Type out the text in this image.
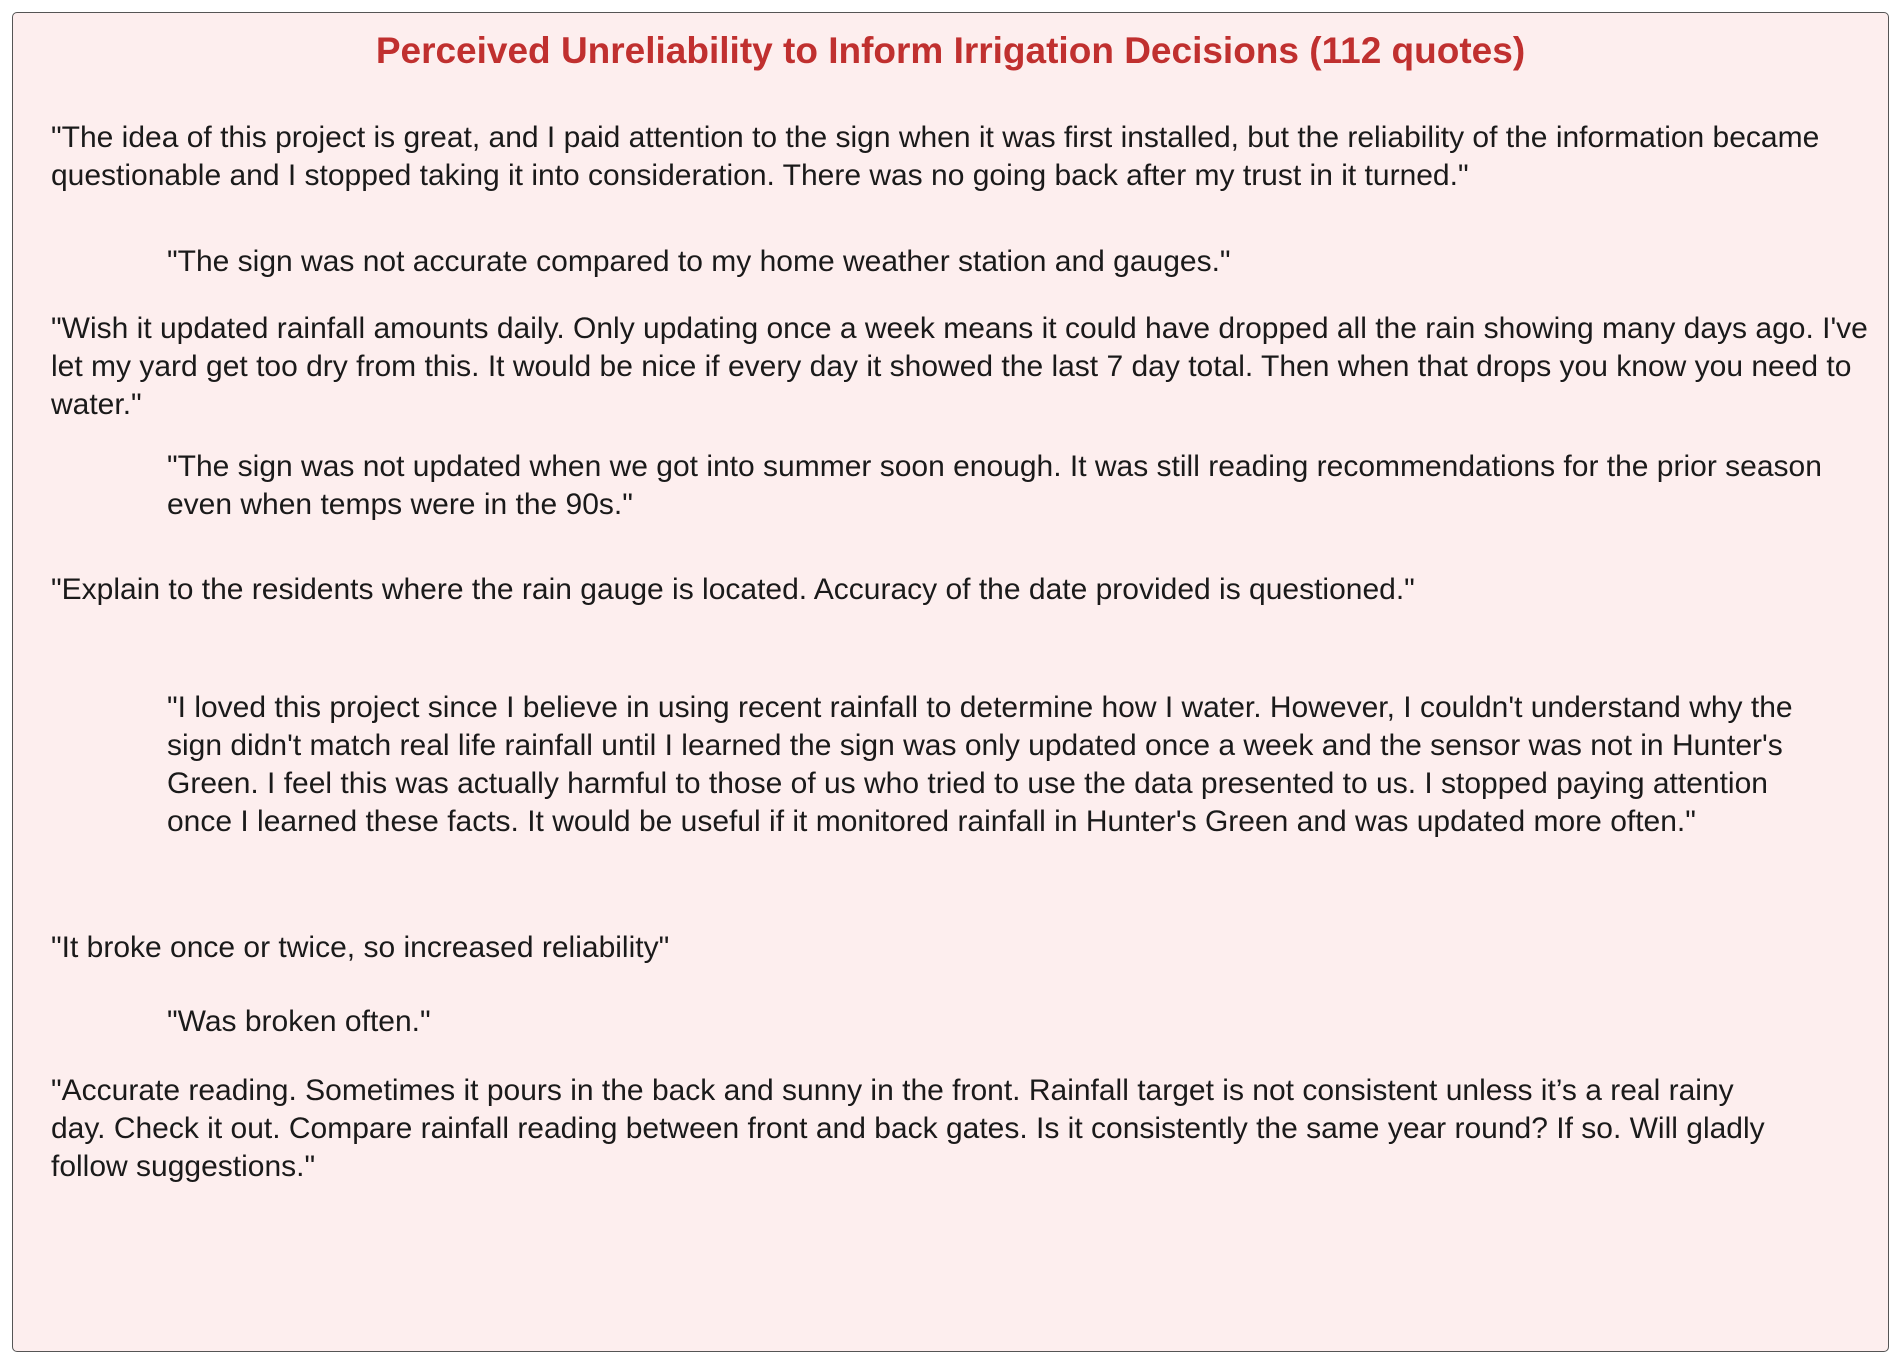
Perceived Unreliability to Inform Irrigation Decisions (112 quotes)

"The idea of this project is great, and I paid attention to the sign when it was first installed, but the reliability of the information became questionable and I stopped taking it into consideration. There was no going back after my trust in it turned."

"The sign was not accurate compared to my home weather station and gauges."

"Wish it updated rainfall amounts daily. Only updating once a week means it could have dropped all the rain showing many days ago. I've let my yard get too dry from this. It would be nice if every day it showed the last 7 day total. Then when that drops you know you need to water."

"The sign was not updated when we got into summer soon enough. It was still reading recommendations for the prior season even when temps were in the 90s."

"Explain to the residents where the rain gauge is located. Accuracy of the date provided is questioned."

"I loved this project since I believe in using recent rainfall to determine how I water. However, I couldn't understand why the sign didn't match real life rainfall until I learned the sign was only updated once a week and the sensor was not in Hunter's Green. I feel this was actually harmful to those of us who tried to use the data presented to us. I stopped paying attention once I learned these facts. It would be useful if it monitored rainfall in Hunter's Green and was updated more often."

"It broke once or twice, so increased reliability"

"Was broken often."

"Accurate reading. Sometimes it pours in the back and sunny in the front. Rainfall target is not consistent unless it’s a real rainy day. Check it out. Compare rainfall reading between front and back gates. Is it consistently the same year round? If so. Will gladly follow suggestions."
